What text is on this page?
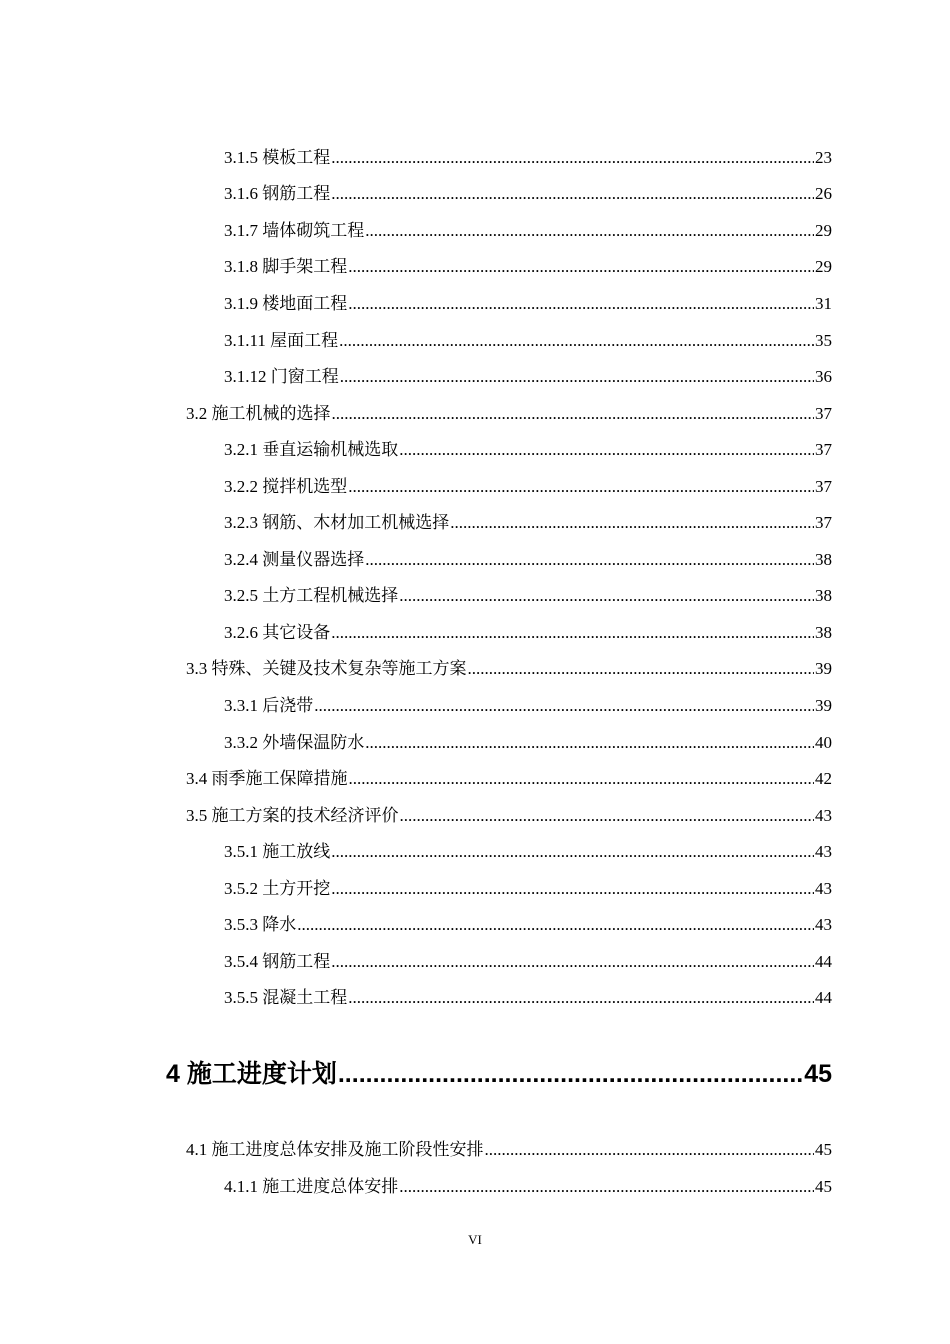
3.1.5 模板工程 .....	23
3.1.6 钢筋工程 .....	26
3.1.7 墙体砌筑工程 .....	29
3.1.8 脚手架工程 .....	29
3.1.9 楼地面工程 .....	31
3.1.11 屋面工程 .....	35
3.1.12 门窗工程 .....	36
3.2 施工机械的选择 .....	37
3.2.1 垂直运输机械选取 .....	37
3.2.2 搅拌机选型 .....	37
3.2.3 钢筋、木材加工机械选择 .....	37
3.2.4 测量仪器选择 .....	38
3.2.5 土方工程机械选择 .....	38
3.2.6 其它设备 .....	38
3.3 特殊、关键及技术复杂等施工方案 .....	39
3.3.1 后浇带 .....	39
3.3.2 外墙保温防水 .....	40
3.4 雨季施工保障措施 .....	42
3.5 施工方案的技术经济评价 .....	43
3.5.1 施工放线 .....	43
3.5.2 土方开挖 .....	43
3.5.3 降水 .....	43
3.5.4 钢筋工程 .....	44
3.5.5 混凝土工程 .....	44
4 施工进度计划 .....	45
4.1 施工进度总体安排及施工阶段性安排 .....	45
4.1.1 施工进度总体安排 .....	45
VI
